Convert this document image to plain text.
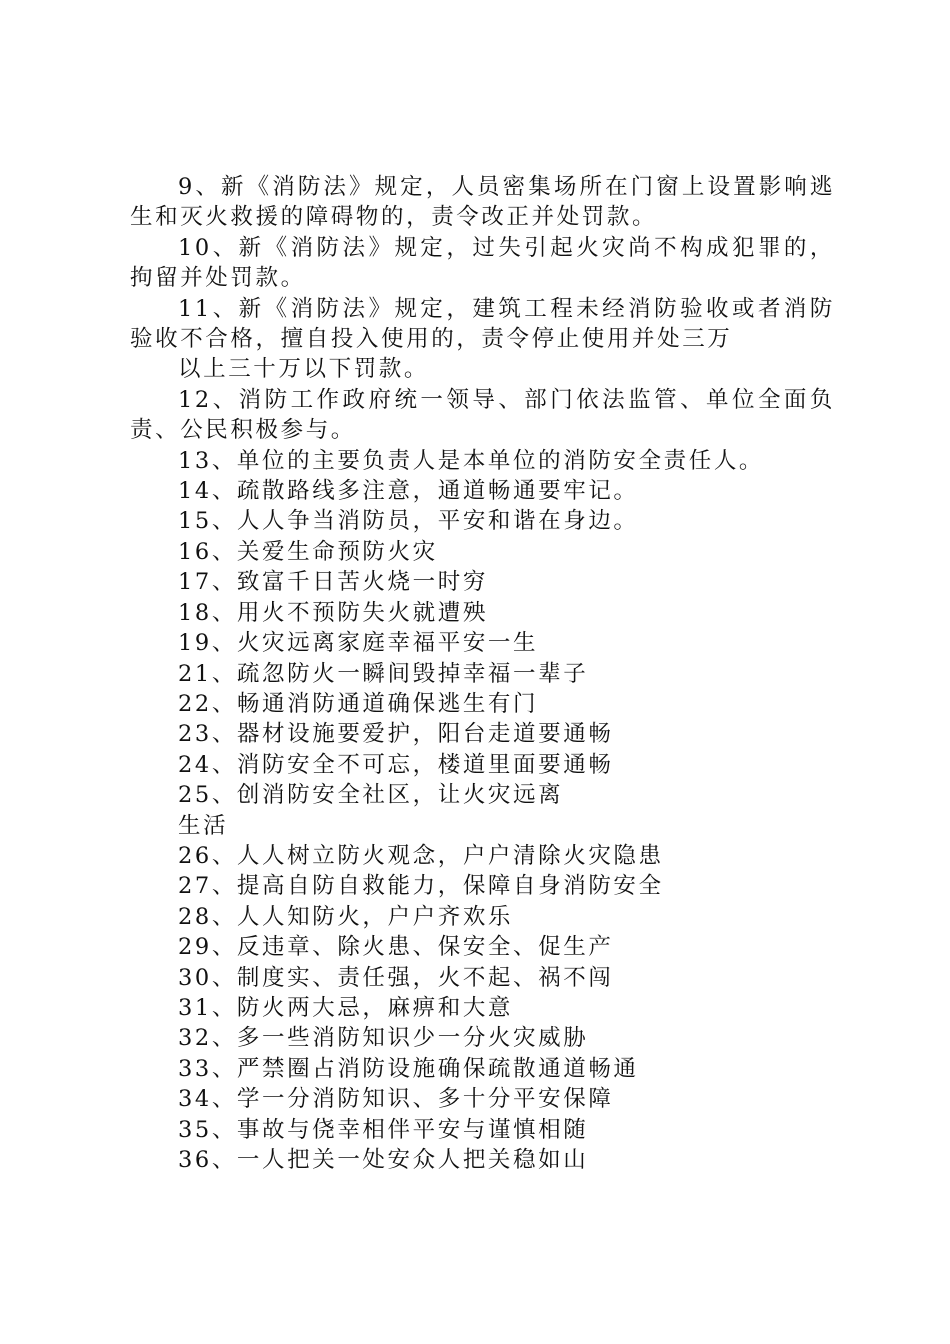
9、新《消防法》规定，人员密集场所在门窗上设置影响逃生和灭火救援的障碍物的，责令改正并处罚款。

10、新《消防法》规定，过失引起火灾尚不构成犯罪的，拘留并处罚款。

11、新《消防法》规定，建筑工程未经消防验收或者消防验收不合格，擅自投入使用的，责令停止使用并处三万

以上三十万以下罚款。

12、消防工作政府统一领导、部门依法监管、单位全面负责、公民积极参与。

13、单位的主要负责人是本单位的消防安全责任人。

14、疏散路线多注意，通道畅通要牢记。

15、人人争当消防员，平安和谐在身边。

16、关爱生命预防火灾

17、致富千日苦火烧一时穷

18、用火不预防失火就遭殃

19、火灾远离家庭幸福平安一生

21、疏忽防火一瞬间毁掉幸福一辈子

22、畅通消防通道确保逃生有门

23、器材设施要爱护，阳台走道要通畅

24、消防安全不可忘，楼道里面要通畅

25、创消防安全社区，让火灾远离

生活

26、人人树立防火观念，户户清除火灾隐患

27、提高自防自救能力，保障自身消防安全

28、人人知防火，户户齐欢乐

29、反违章、除火患、保安全、促生产

30、制度实、责任强，火不起、祸不闯

31、防火两大忌，麻痹和大意

32、多一些消防知识少一分火灾威胁

33、严禁圈占消防设施确保疏散通道畅通

34、学一分消防知识、多十分平安保障

35、事故与侥幸相伴平安与谨慎相随

36、一人把关一处安众人把关稳如山
